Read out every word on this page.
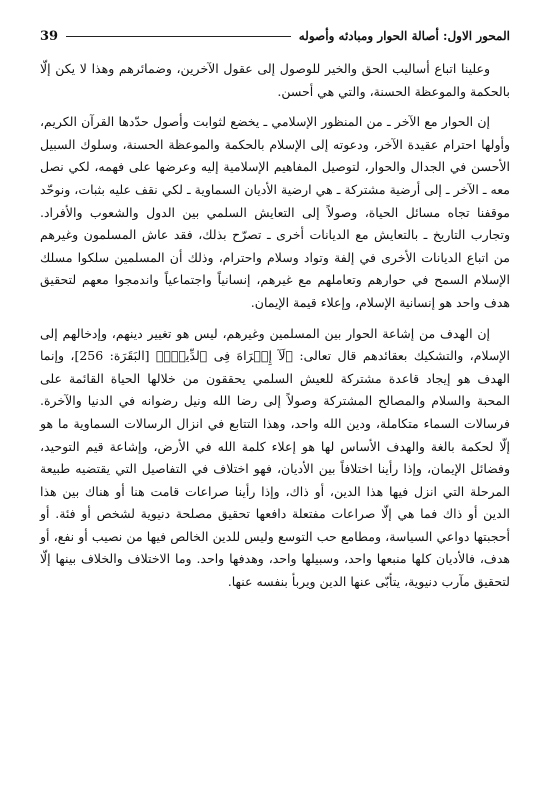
المحور الاول: أصالة الحوار ومبادئه وأصوله
39

وعلينا اتباع أساليب الحق والخير للوصول إلى عقول الآخرين، وضمائرهم وهذا لا يكن إلّا بالحكمة والموعظة الحسنة، والتي هي أحسن.

إن الحوار مع الآخر ـ من المنظور الإسلامي ـ يخضع لثوابت وأصول حدّدها القرآن الكريم، وأولها احترام عقيدة الآخر، ودعوته إلى الإسلام بالحكمة والموعظة الحسنة، وسلوك السبيل الأحسن في الجدال والحوار، لتوصيل المفاهيم الإسلامية إليه وعرضها على فهمه، لكي نصل معه ـ الآخر ـ إلى أرضية مشتركة ـ هي ارضية الأديان السماوية ـ لكي نقف عليه بثبات، ونوحّد موقفنا تجاه مسائل الحياة، وصولاً إلى التعايش السلمي بين الدول والشعوب والأفراد. وتجارب التاريخ ـ بالتعايش مع الديانات أخرى ـ تصرّح بذلك، فقد عاش المسلمون وغيرهم من اتباع الديانات الأخرى في إلفة وتواد وسلام واحترام، وذلك أن المسلمين سلكوا مسلك الإسلام السمح في حوارهم وتعاملهم مع غيرهم، إنسانياً واجتماعياً واندمجوا معهم لتحقيق هدف واحد هو إنسانية الإسلام، وإعلاء قيمة الإيمان.

إن الهدف من إشاعة الحوار بين المسلمين وغيرهم، ليس هو تغيير دينهم، وإدخالهم إلى الإسلام، والتشكيك بعقائدهم قال تعالى: ﴿لَآ إِكۡرَاهَ فِى ٱلدِّينِۖ﴾ [البَقَرَة: 256]، وإنما الهدف هو إيجاد قاعدة مشتركة للعيش السلمي يحققون من خلالها الحياة القائمة على المحبة والسلام والمصالح المشتركة وصولاً إلى رضا الله ونيل رضوانه في الدنيا والآخرة. فرسالات السماء متكاملة، ودين الله واحد، وهذا التتابع في انزال الرسالات السماوية ما هو إلّا لحكمة بالغة والهدف الأساس لها هو إعلاء كلمة الله في الأرض، وإشاعة قيم التوحيد، وفضائل الإيمان، وإذا رأينا اختلافاً بين الأديان، فهو اختلاف في التفاصيل التي يقتضيه طبيعة المرحلة التي انزل فيها هذا الدين، أو ذاك، وإذا رأينا صراعات قامت هنا أو هناك بين هذا الدين أو ذاك فما هي إلّا صراعات مفتعلة دافعها تحقيق مصلحة دنيوية لشخص أو فئة. أو أحجبتها دواعي السياسة، ومطامع حب التوسع وليس للدين الخالص فيها من نصيب أو نفع، أو هدف، فالأديان كلها منبعها واحد، وسبيلها واحد، وهدفها واحد. وما الاختلاف والخلاف بينها إلّا لتحقيق مآرب دنيوية، يتأبّى عنها الدين ويربأ بنفسه عنها.
